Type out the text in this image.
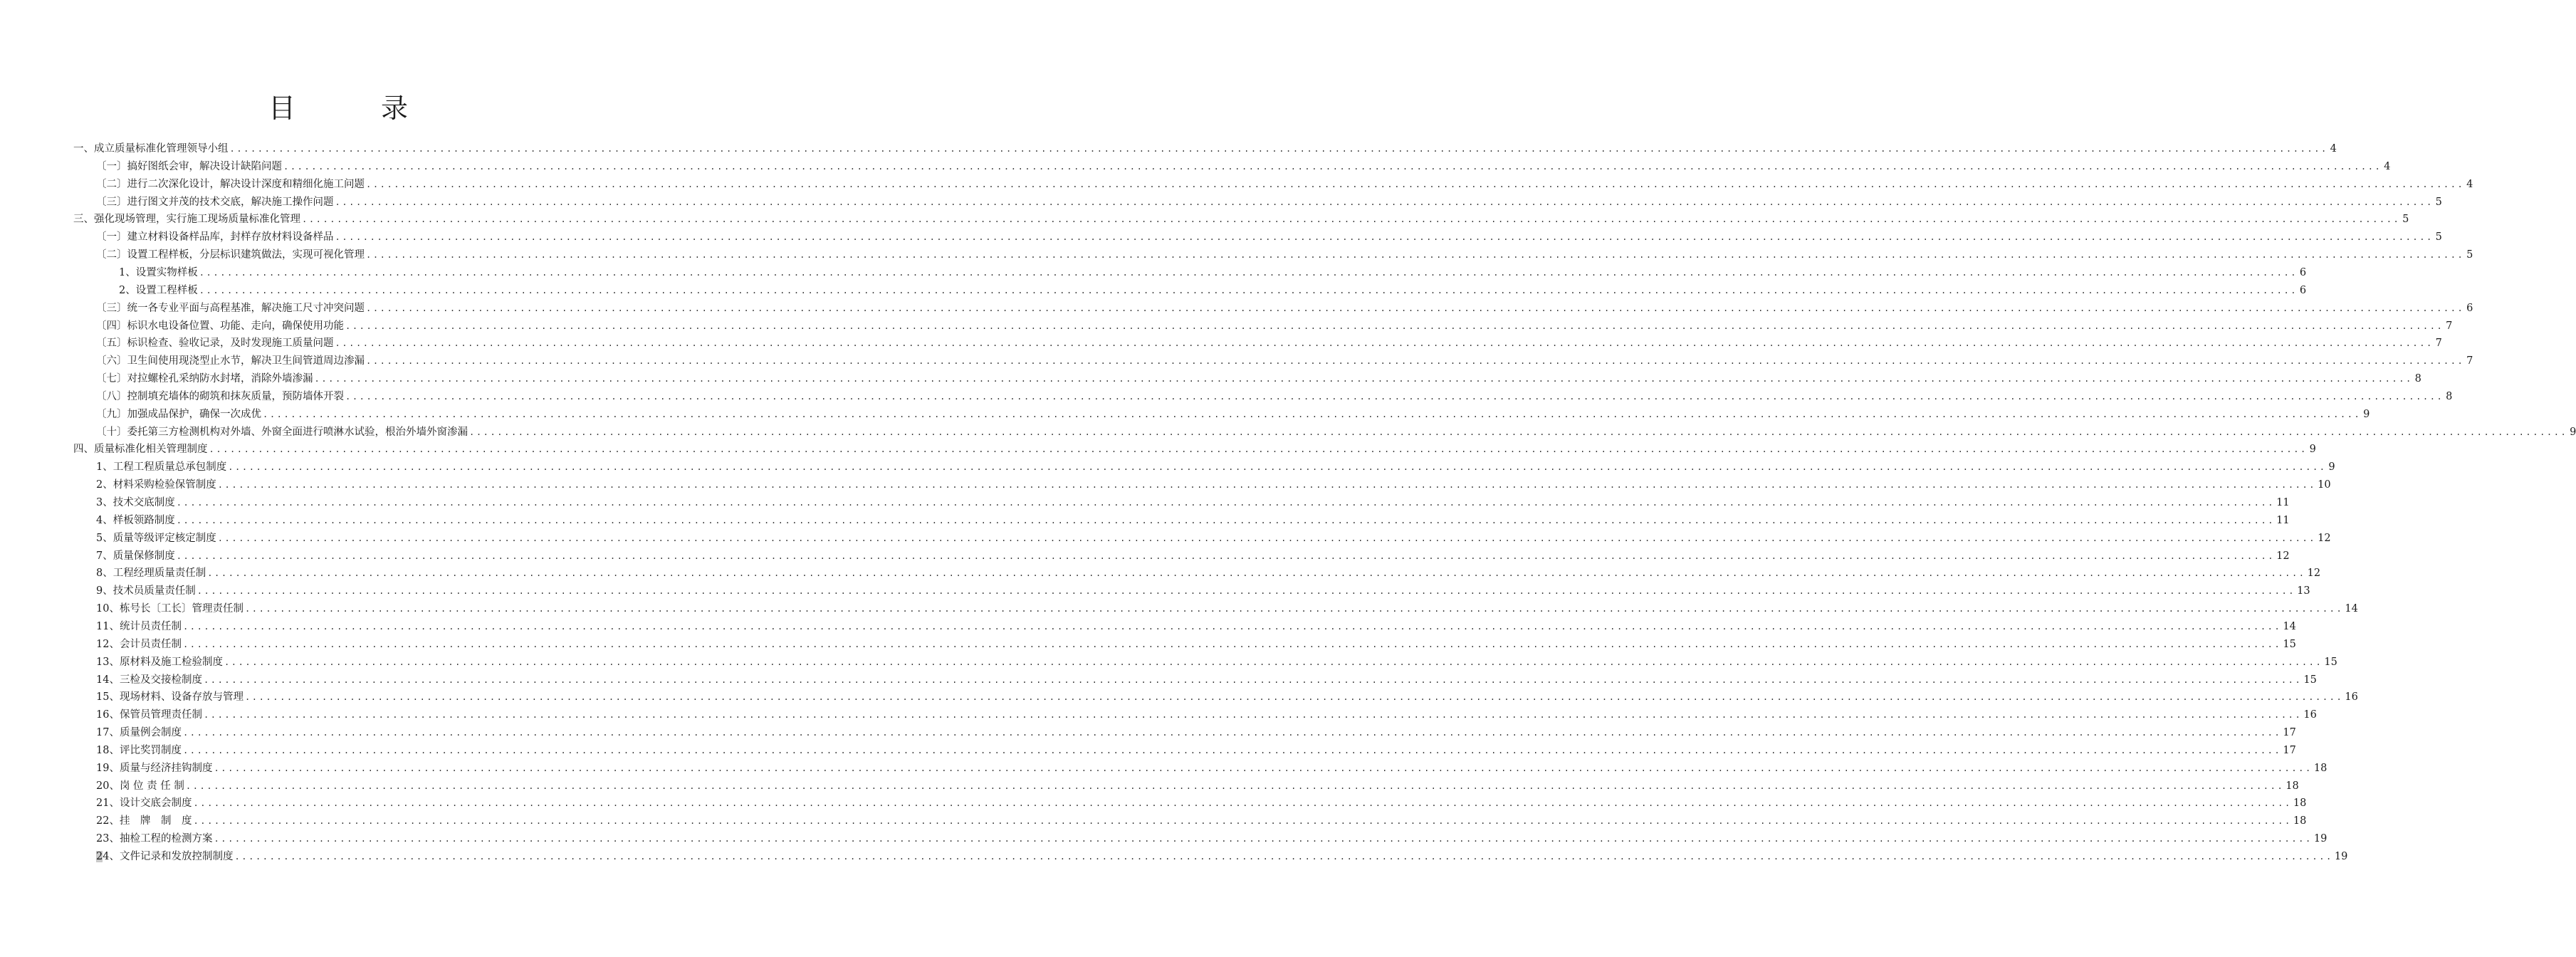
目	录
一、成立质量标准化管理领导小组 ............................................................................................................................................................................................................................................................................................................ 4
〔一〕搞好图纸会审，解决设计缺陷问题 ............................................................................................................................................................................................................................................................................................................ 4
〔二〕进行二次深化设计，解决设计深度和精细化施工问题 ............................................................................................................................................................................................................................................................................................................ 4
〔三〕进行图文并茂的技术交底，解决施工操作问题 ............................................................................................................................................................................................................................................................................................................ 5
三、强化现场管理，实行施工现场质量标准化管理 ............................................................................................................................................................................................................................................................................................................ 5
〔一〕建立材料设备样品库，封样存放材料设备样品 ............................................................................................................................................................................................................................................................................................................ 5
〔二〕设置工程样板，分层标识建筑做法，实现可视化管理 ............................................................................................................................................................................................................................................................................................................ 5
1、设置实物样板 ............................................................................................................................................................................................................................................................................................................ 6
2、设置工程样板 ............................................................................................................................................................................................................................................................................................................ 6
〔三〕统一各专业平面与高程基准，解决施工尺寸冲突问题 ............................................................................................................................................................................................................................................................................................................ 6
〔四〕标识水电设备位置、功能、走向，确保使用功能 ............................................................................................................................................................................................................................................................................................................ 7
〔五〕标识检查、验收记录，及时发现施工质量问题 ............................................................................................................................................................................................................................................................................................................ 7
〔六〕卫生间使用现浇型止水节，解决卫生间管道周边渗漏 ............................................................................................................................................................................................................................................................................................................ 7
〔七〕对拉螺栓孔采纳防水封堵，消除外墙渗漏 ............................................................................................................................................................................................................................................................................................................ 8
〔八〕控制填充墙体的砌筑和抹灰质量，预防墙体开裂 ............................................................................................................................................................................................................................................................................................................ 8
〔九〕加强成品保护，确保一次成优 ............................................................................................................................................................................................................................................................................................................ 9
〔十〕委托第三方检测机构对外墙、外窗全面进行喷淋水试验，根治外墙外窗渗漏 ............................................................................................................................................................................................................................................................................................................ 9
四、质量标准化相关管理制度 ............................................................................................................................................................................................................................................................................................................ 9
1、工程工程质量总承包制度 ............................................................................................................................................................................................................................................................................................................ 9
2、材料采购检验保管制度 ............................................................................................................................................................................................................................................................................................................ 10
3、技术交底制度 ............................................................................................................................................................................................................................................................................................................ 11
4、样板领路制度 ............................................................................................................................................................................................................................................................................................................ 11
5、质量等级评定核定制度 ............................................................................................................................................................................................................................................................................................................ 12
7、质量保修制度 ............................................................................................................................................................................................................................................................................................................ 12
8、工程经理质量责任制 ............................................................................................................................................................................................................................................................................................................ 12
9、技术员质量责任制 ............................................................................................................................................................................................................................................................................................................ 13
10、栋号长〔工长〕管理责任制 ............................................................................................................................................................................................................................................................................................................ 14
11、统计员责任制 ............................................................................................................................................................................................................................................................................................................ 14
12、会计员责任制 ............................................................................................................................................................................................................................................................................................................ 15
13、原材料及施工检验制度 ............................................................................................................................................................................................................................................................................................................ 15
14、三检及交接检制度 ............................................................................................................................................................................................................................................................................................................ 15
15、现场材料、设备存放与管理 ............................................................................................................................................................................................................................................................................................................ 16
16、保管员管理责任制 ............................................................................................................................................................................................................................................................................................................ 16
17、质量例会制度 ............................................................................................................................................................................................................................................................................................................ 17
18、评比奖罚制度 ............................................................................................................................................................................................................................................................................................................ 17
19、质量与经济挂钩制度 ............................................................................................................................................................................................................................................................................................................ 18
20、岗 位 责 任 制 ............................................................................................................................................................................................................................................................................................................ 18
21、设计交底会制度 ............................................................................................................................................................................................................................................................................................................ 18
22、挂　牌　制　度 ............................................................................................................................................................................................................................................................................................................ 18
23、抽检工程的检测方案 ............................................................................................................................................................................................................................................................................................................ 19
24、文件记录和发放控制制度 ............................................................................................................................................................................................................................................................................................................ 19
